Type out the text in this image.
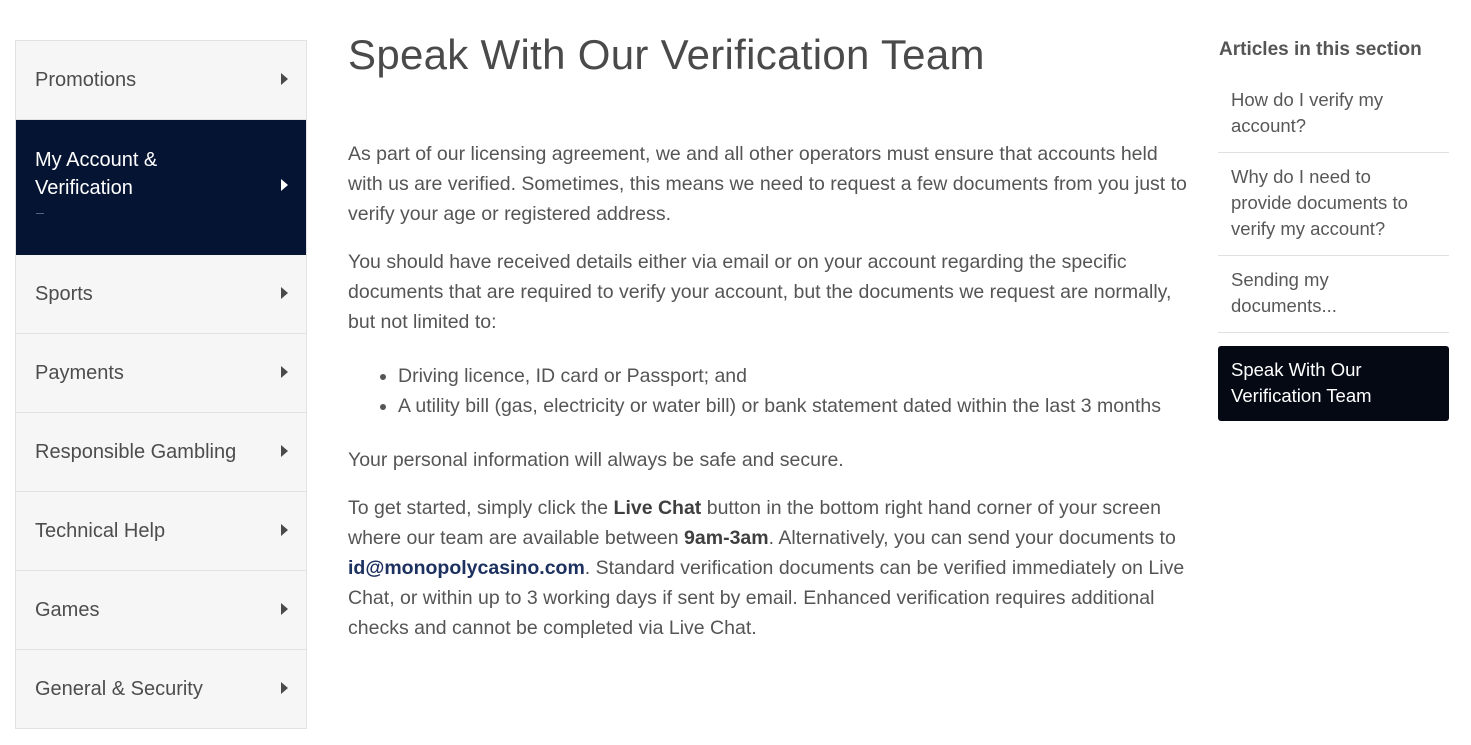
Promotions
My Account & Verification
Sports
Payments
Responsible Gambling
Technical Help
Games
General & Security
Speak With Our Verification Team

As part of our licensing agreement, we and all other operators must ensure that accounts held with us are verified. Sometimes, this means we need to request a few documents from you just to verify your age or registered address.

You should have received details either via email or on your account regarding the specific documents that are required to verify your account, but the documents we request are normally, but not limited to:

• Driving licence, ID card or Passport; and
• A utility bill (gas, electricity or water bill) or bank statement dated within the last 3 months

Your personal information will always be safe and secure.

To get started, simply click the Live Chat button in the bottom right hand corner of your screen where our team are available between 9am-3am. Alternatively, you can send your documents to id@monopolycasino.com. Standard verification documents can be verified immediately on Live Chat, or within up to 3 working days if sent by email. Enhanced verification requires additional checks and cannot be completed via Live Chat.

Articles in this section
How do I verify my account?
Why do I need to provide documents to verify my account?
Sending my documents...
Speak With Our Verification Team
